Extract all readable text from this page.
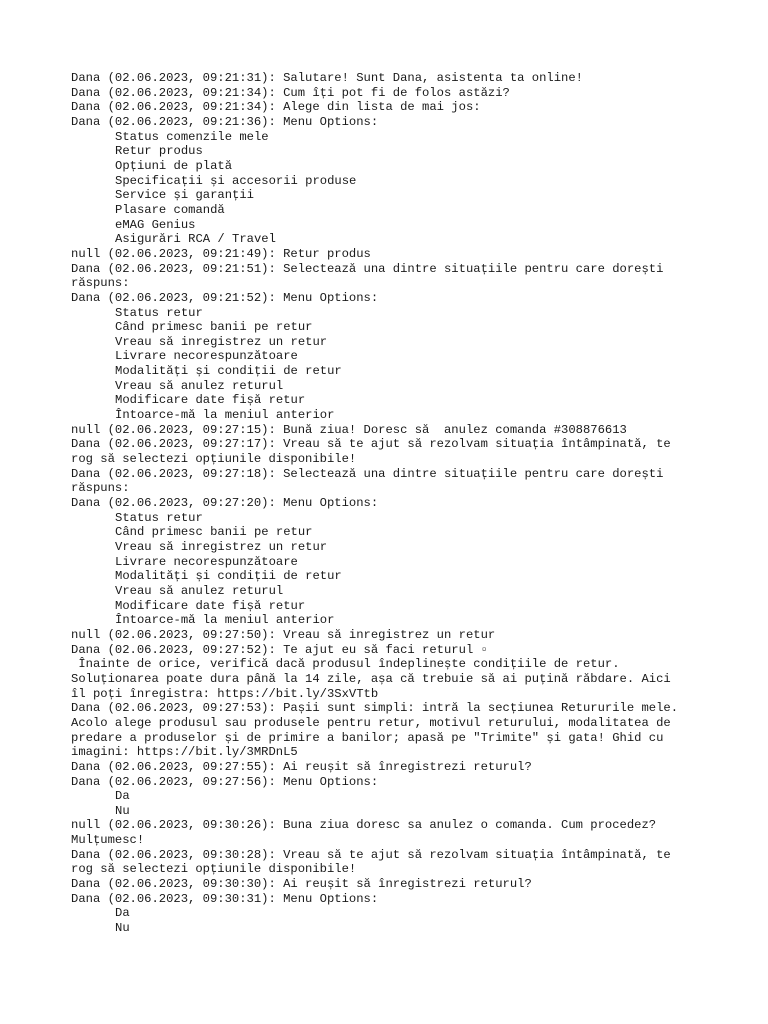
Dana (02.06.2023, 09:21:31): Salutare! Sunt Dana, asistenta ta online!
Dana (02.06.2023, 09:21:34): Cum îți pot fi de folos astăzi?
Dana (02.06.2023, 09:21:34): Alege din lista de mai jos:
Dana (02.06.2023, 09:21:36): Menu Options:
Status comenzile mele
Retur produs
Opțiuni de plată
Specificații și accesorii produse
Service și garanții
Plasare comandă
eMAG Genius
Asigurări RCA / Travel
null (02.06.2023, 09:21:49): Retur produs
Dana (02.06.2023, 09:21:51): Selectează una dintre situațiile pentru care dorești
răspuns:
Dana (02.06.2023, 09:21:52): Menu Options:
Status retur
Când primesc banii pe retur
Vreau să inregistrez un retur
Livrare necorespunzătoare
Modalități și condiții de retur
Vreau să anulez returul
Modificare date fișă retur
Întoarce-mă la meniul anterior
null (02.06.2023, 09:27:15): Bună ziua! Doresc să  anulez comanda #308876613
Dana (02.06.2023, 09:27:17): Vreau să te ajut să rezolvam situația întâmpinată, te
rog să selectezi opțiunile disponibile!
Dana (02.06.2023, 09:27:18): Selectează una dintre situațiile pentru care dorești
răspuns:
Dana (02.06.2023, 09:27:20): Menu Options:
Status retur
Când primesc banii pe retur
Vreau să inregistrez un retur
Livrare necorespunzătoare
Modalități și condiții de retur
Vreau să anulez returul
Modificare date fișă retur
Întoarce-mă la meniul anterior
null (02.06.2023, 09:27:50): Vreau să inregistrez un retur
Dana (02.06.2023, 09:27:52): Te ajut eu să faci returul ▫
Înainte de orice, verifică dacă produsul îndeplinește condițiile de retur.
Soluționarea poate dura până la 14 zile, așa că trebuie să ai puțină răbdare. Aici
îl poți înregistra: https://bit.ly/3SxVTtb
Dana (02.06.2023, 09:27:53): Pașii sunt simpli: intră la secțiunea Retururile mele.
Acolo alege produsul sau produsele pentru retur, motivul returului, modalitatea de
predare a produselor și de primire a banilor; apasă pe "Trimite" și gata! Ghid cu
imagini: https://bit.ly/3MRDnL5
Dana (02.06.2023, 09:27:55): Ai reușit să înregistrezi returul?
Dana (02.06.2023, 09:27:56): Menu Options:
Da
Nu
null (02.06.2023, 09:30:26): Buna ziua doresc sa anulez o comanda. Cum procedez?
Mulțumesc!
Dana (02.06.2023, 09:30:28): Vreau să te ajut să rezolvam situația întâmpinată, te
rog să selectezi opțiunile disponibile!
Dana (02.06.2023, 09:30:30): Ai reușit să înregistrezi returul?
Dana (02.06.2023, 09:30:31): Menu Options:
Da
Nu
